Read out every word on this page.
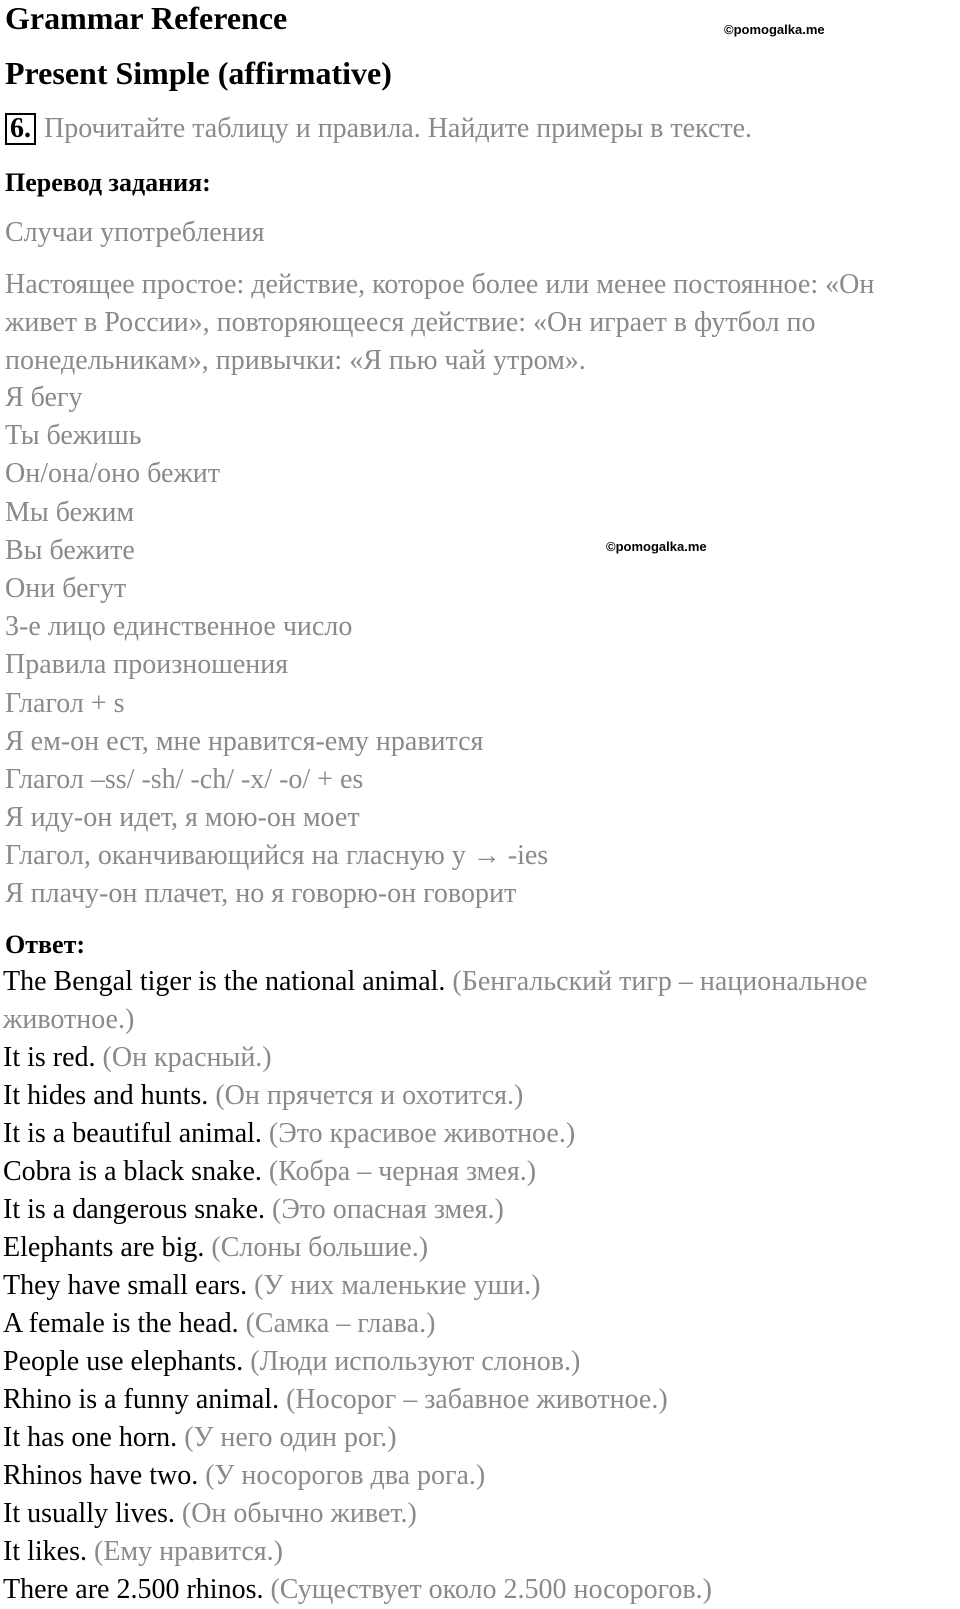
©pomogalka.me
©pomogalka.me
Grammar Reference
Present Simple (affirmative)
6. Прочитайте таблицу и правила. Найдите примеры в тексте.
Перевод задания:
Случаи употребления
Настоящее простое: действие, которое более или менее постоянное: «Он живет в России», повторяющееся действие: «Он играет в футбол по понедельникам», привычки: «Я пью чай утром».
Я бегу
Ты бежишь
Он/она/оно бежит
Мы бежим
Вы бежите
Они бегут
3-е лицо единственное число
Правила произношения
Глагол + s
Я ем-он ест, мне нравится-ему нравится
Глагол –ss/ -sh/ -ch/ -x/ -o/ + es
Я иду-он идет, я мою-он моет
Глагол, оканчивающийся на гласную y → -ies
Я плачу-он плачет, но я говорю-он говорит
Ответ:
The Bengal tiger is the national animal. (Бенгальский тигр – национальное животное.)
It is red. (Он красный.)
It hides and hunts. (Он прячется и охотится.)
It is a beautiful animal. (Это красивое животное.)
Cobra is a black snake. (Кобра – черная змея.)
It is a dangerous snake. (Это опасная змея.)
Elephants are big. (Слоны большие.)
They have small ears. (У них маленькие уши.)
A female is the head. (Самка – глава.)
People use elephants. (Люди используют слонов.)
Rhino is a funny animal. (Носорог – забавное животное.)
It has one horn. (У него один рог.)
Rhinos have two. (У носорогов два рога.)
It usually lives. (Он обычно живет.)
It likes. (Ему нравится.)
There are 2.500 rhinos. (Существует около 2.500 носорогов.)
